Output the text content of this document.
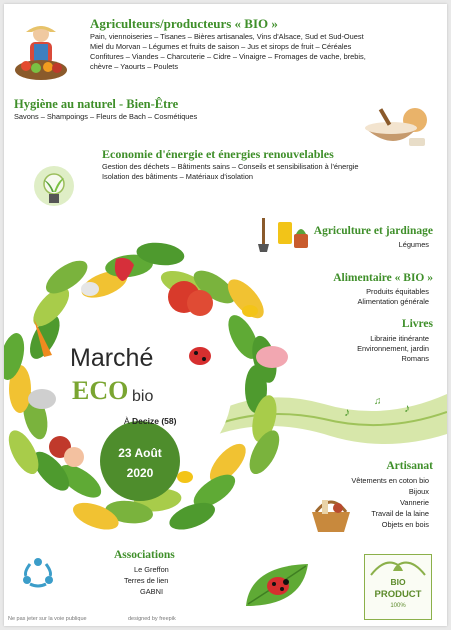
Agriculteurs/producteurs « BIO »
Pain, viennoiseries – Tisanes – Bières artisanales, Vins d'Alsace, Sud et Sud-Ouest
Miel du Morvan – Légumes et fruits de saison – Jus et sirops de fruit – Céréales
Confitures – Viandes – Charcuterie – Cidre – Vinaigre – Fromages de vache, brebis,
chèvre – Yaourts – Poulets
Hygiène au naturel - Bien-Être
Savons – Shampoings – Fleurs de Bach – Cosmétiques
Economie d'énergie et énergies renouvelables
Gestion des déchets – Bâtiments sains – Conseils et sensibilisation à l'énergie
Isolation des bâtiments – Matériaux d'isolation
Agriculture et jardinage
Légumes
Alimentaire « BIO »
Produits équitables
Alimentation générale
Livres
Librairie itinérante
Environnement, jardin
Romans
♪
♫ ♪
Marché
ECO bio
À Decize (58)
23 Août
2020	Artisanat
Vêtements en coton bio
Bijoux
Vannerie
Travail de la laine
Objets en bois
Associations
Le Greffon
Terres de lien
GABNI
BIO
PRODUCT
100%
Ne pas jeter sur la voie publique	designed by freepik
